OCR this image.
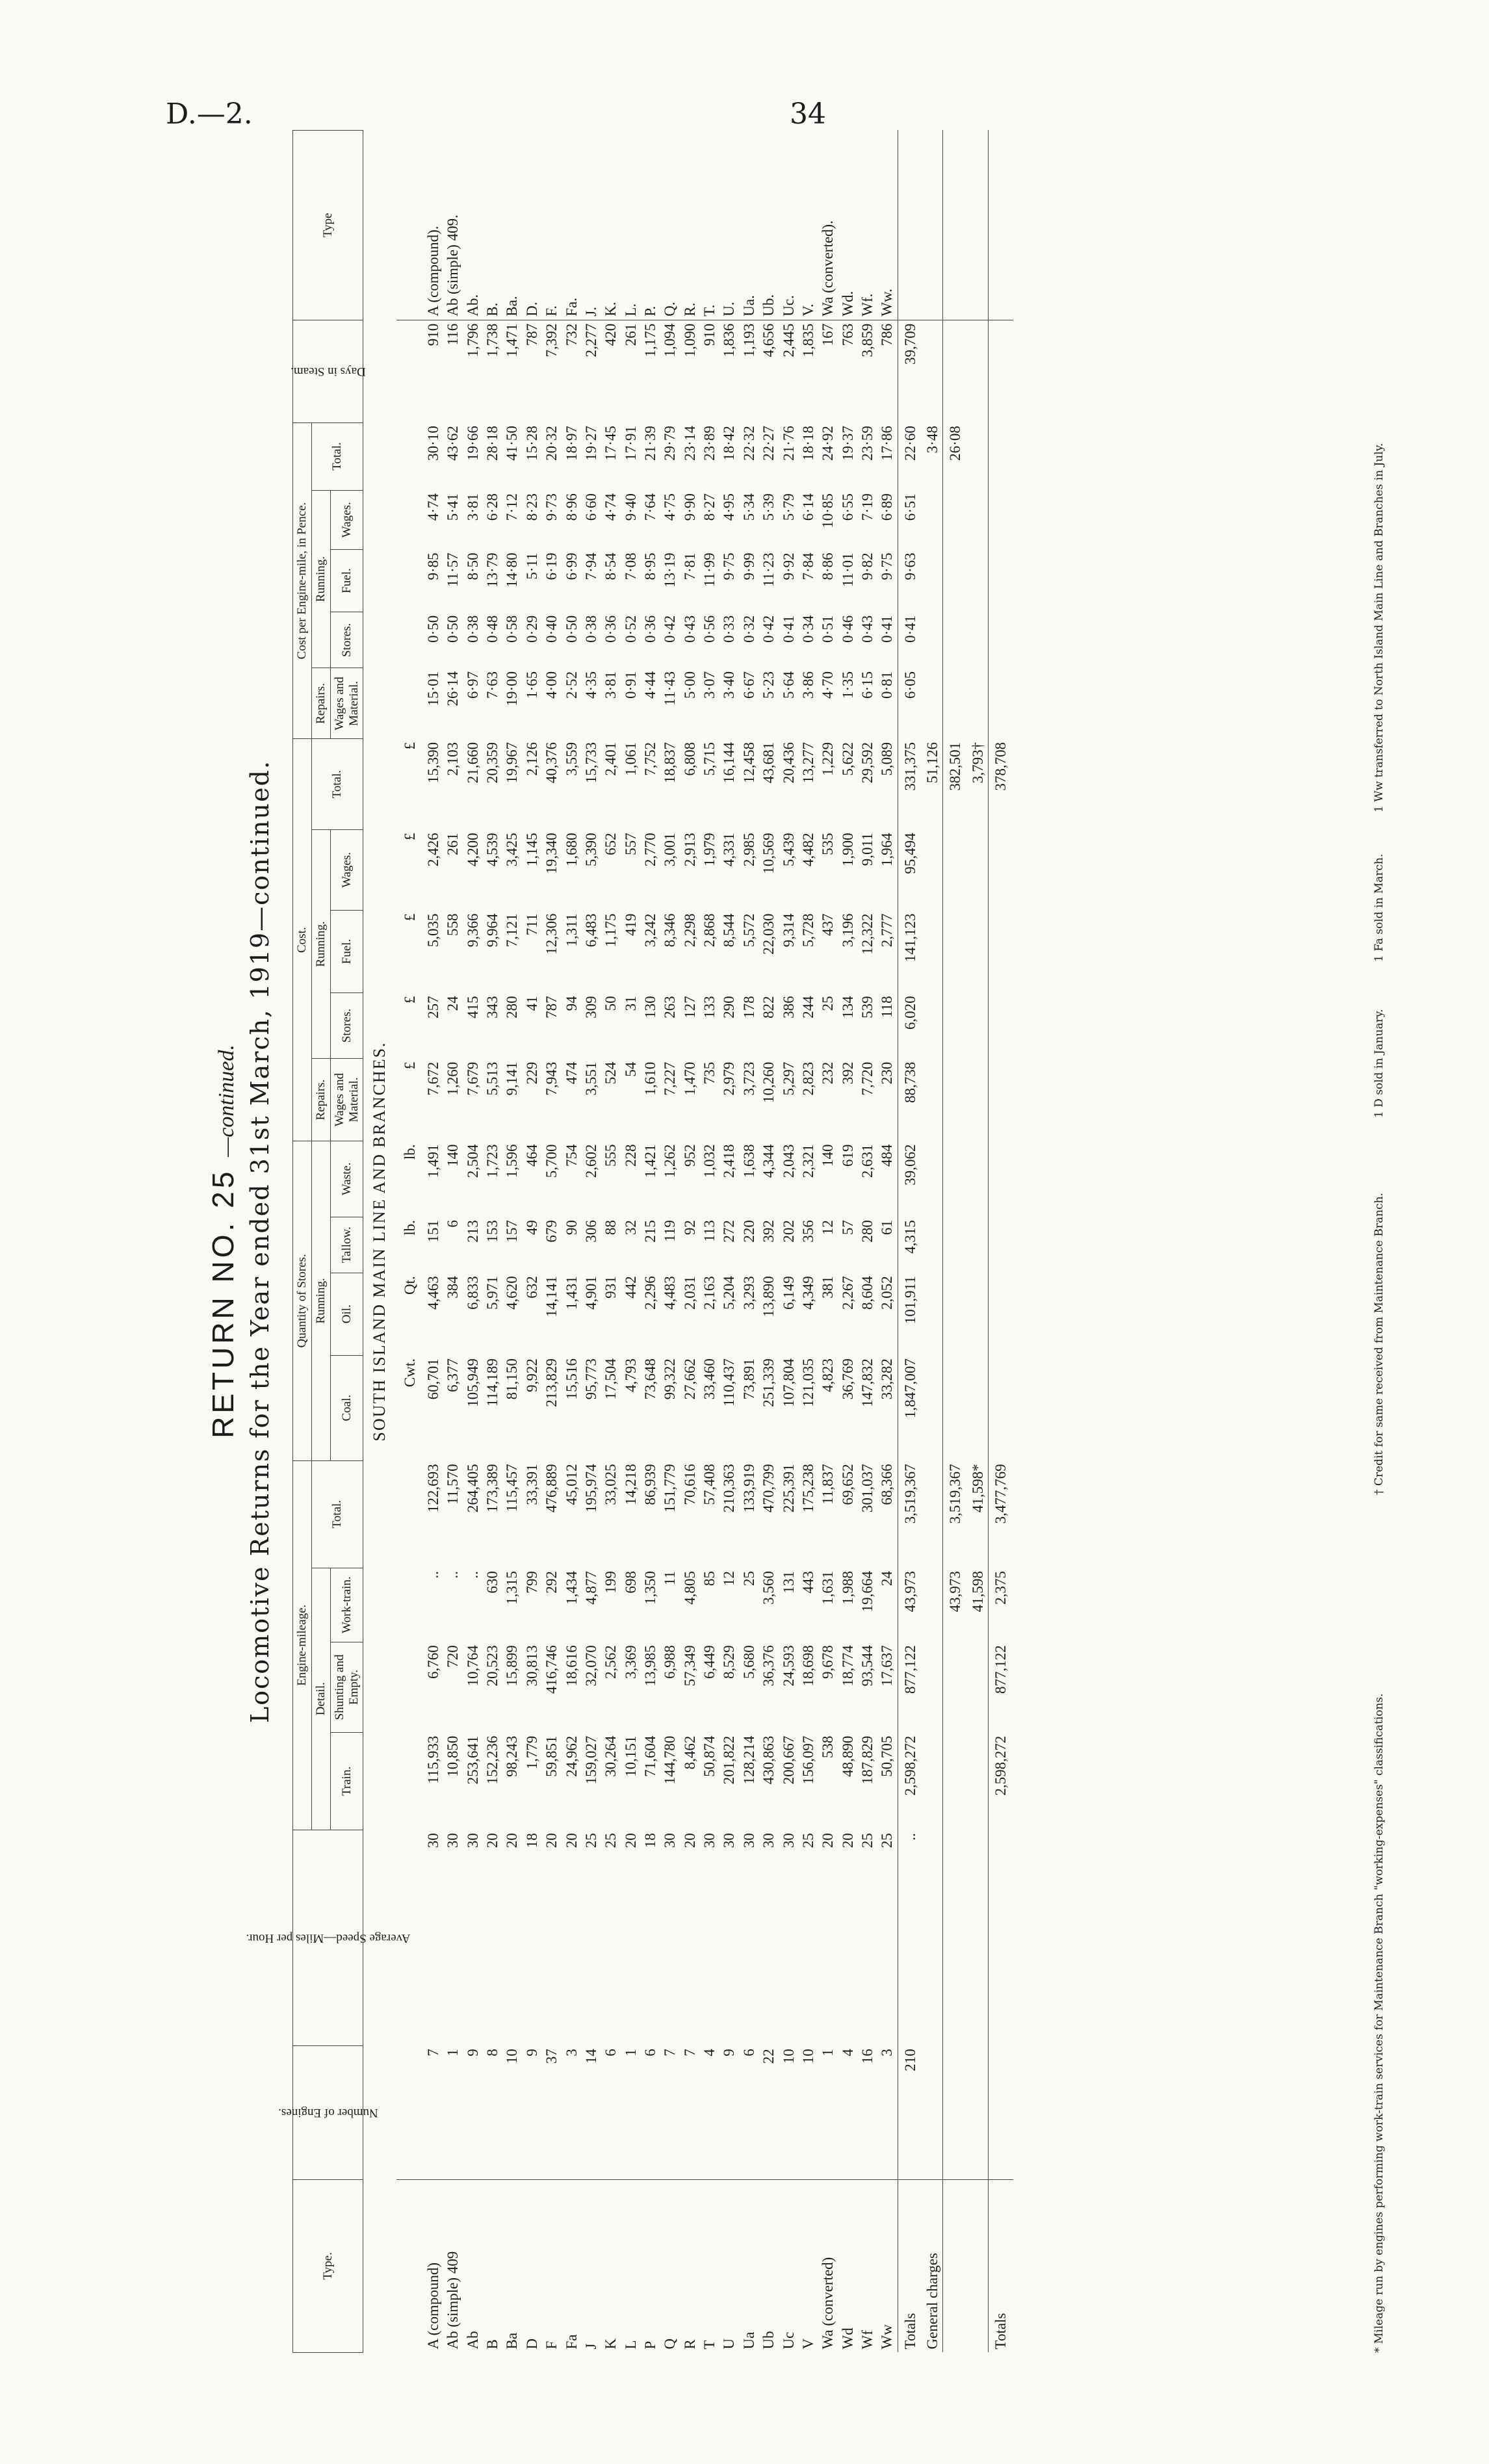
D.—2.	34
RETURN NO. 25 —continued. Locomotive Returns for the Year ended 31st March, 1919—continued.
Type.	Number of Engines.	Average Speed—Miles per Hour.	Engine-mileage.				Quantity of Stores.				Cost.					Cost per Engine-mile, in Pence.					Days in Steam.	Type
			Detail.			Total.	Running.				Repairs.	Running.			Total.	Repairs.	Running.			Total.		
			Train.	Shunting and Empty.	Work-train.		Coal.	Oil.	Tallow.	Waste.	Wages and Material.	Stores.	Fuel.	Wages.		Wages and Material.	Stores.	Fuel.	Wages.			

SOUTH ISLAND MAIN LINE AND BRANCHES.																						
							Cwt.	Qt.	lb.	lb.	£	£	£	£	£							
A (compound)	7	30	115,933	6,760	..	122,693	60,701	4,463	151	1,491	7,672	257	5,035	2,426	15,390	15·01	0·50	9·85	4·74	30·10	910	A (compound).
Ab (simple) 409	1	30	10,850	720	..	11,570	6,377	384	6	140	1,260	24	558	261	2,103	26·14	0·50	11·57	5·41	43·62	116	Ab (simple) 409.
Ab	9	30	253,641	10,764	..	264,405	105,949	6,833	213	2,504	7,679	415	9,366	4,200	21,660	6·97	0·38	8·50	3·81	19·66	1,796	Ab.
B	8	20	152,236	20,523	630	173,389	114,189	5,971	153	1,723	5,513	343	9,964	4,539	20,359	7·63	0·48	13·79	6·28	28·18	1,738	B.
Ba	10	20	98,243	15,899	1,315	115,457	81,150	4,620	157	1,596	9,141	280	7,121	3,425	19,967	19·00	0·58	14·80	7·12	41·50	1,471	Ba.
D	9	18	1,779	30,813	799	33,391	9,922	632	49	464	229	41	711	1,145	2,126	1·65	0·29	5·11	8·23	15·28	787	D.
F	37	20	59,851	416,746	292	476,889	213,829	14,141	679	5,700	7,943	787	12,306	19,340	40,376	4·00	0·40	6·19	9·73	20·32	7,392	F.
Fa	3	20	24,962	18,616	1,434	45,012	15,516	1,431	90	754	474	94	1,311	1,680	3,559	2·52	0·50	6·99	8·96	18·97	732	Fa.
J	14	25	159,027	32,070	4,877	195,974	95,773	4,901	306	2,602	3,551	309	6,483	5,390	15,733	4·35	0·38	7·94	6·60	19·27	2,277	J.
K	6	25	30,264	2,562	199	33,025	17,504	931	88	555	524	50	1,175	652	2,401	3·81	0·36	8·54	4·74	17·45	420	K.
L	1	20	10,151	3,369	698	14,218	4,793	442	32	228	54	31	419	557	1,061	0·91	0·52	7·08	9·40	17·91	261	L.
P	6	18	71,604	13,985	1,350	86,939	73,648	2,296	215	1,421	1,610	130	3,242	2,770	7,752	4·44	0·36	8·95	7·64	21·39	1,175	P.
Q	7	30	144,780	6,988	11	151,779	99,322	4,483	119	1,262	7,227	263	8,346	3,001	18,837	11·43	0·42	13·19	4·75	29·79	1,094	Q.
R	7	20	8,462	57,349	4,805	70,616	27,662	2,031	92	952	1,470	127	2,298	2,913	6,808	5·00	0·43	7·81	9·90	23·14	1,090	R.
T	4	30	50,874	6,449	85	57,408	33,460	2,163	113	1,032	735	133	2,868	1,979	5,715	3·07	0·56	11·99	8·27	23·89	910	T.
U	9	30	201,822	8,529	12	210,363	110,437	5,204	272	2,418	2,979	290	8,544	4,331	16,144	3·40	0·33	9·75	4·95	18·42	1,836	U.
Ua	6	30	128,214	5,680	25	133,919	73,891	3,293	220	1,638	3,723	178	5,572	2,985	12,458	6·67	0·32	9·99	5·34	22·32	1,193	Ua.
Ub	22	30	430,863	36,376	3,560	470,799	251,339	13,890	392	4,344	10,260	822	22,030	10,569	43,681	5·23	0·42	11·23	5·39	22·27	4,656	Ub.
Uc	10	30	200,667	24,593	131	225,391	107,804	6,149	202	2,043	5,297	386	9,314	5,439	20,436	5·64	0·41	9·92	5·79	21·76	2,445	Uc.
V	10	25	156,097	18,698	443	175,238	121,035	4,349	356	2,321	2,823	244	5,728	4,482	13,277	3·86	0·34	7·84	6·14	18·18	1,835	V.
Wa (converted)	1	20	538	9,678	1,631	11,837	4,823	381	12	140	232	25	437	535	1,229	4·70	0·51	8·86	10·85	24·92	167	Wa (converted).
Wd	4	20	48,890	18,774	1,988	69,652	36,769	2,267	57	619	392	134	3,196	1,900	5,622	1·35	0·46	11·01	6·55	19·37	763	Wd.
Wf	16	25	187,829	93,544	19,664	301,037	147,832	8,604	280	2,631	7,720	539	12,322	9,011	29,592	6·15	0·43	9·82	7·19	23·59	3,859	Wf.
Ww	3	25	50,705	17,637	24	68,366	33,282	2,052	61	484	230	118	2,777	1,964	5,089	0·81	0·41	9·75	6·89	17·86	786	Ww.
Totals	210	..	2,598,272	877,122	43,973	3,519,367	1,847,007	101,911	4,315	39,062	88,738	6,020	141,123	95,494	331,375	6·05	0·41	9·63	6·51	22·60	39,709	
General charges															51,126					3·48		
					43,973	3,519,367									382,501					26·08		
					41,598	41,598*									3,793†							
Totals			2,598,272	877,122	2,375	3,477,769									378,708							
* Mileage run by engines performing work-train services for Maintenance Branch "working-expenses" classifications.
† Credit for same received from Maintenance Branch.
1 D sold in January.
1 Fa sold in March.
1 Ww transferred to North Island Main Line and Branches in July.
